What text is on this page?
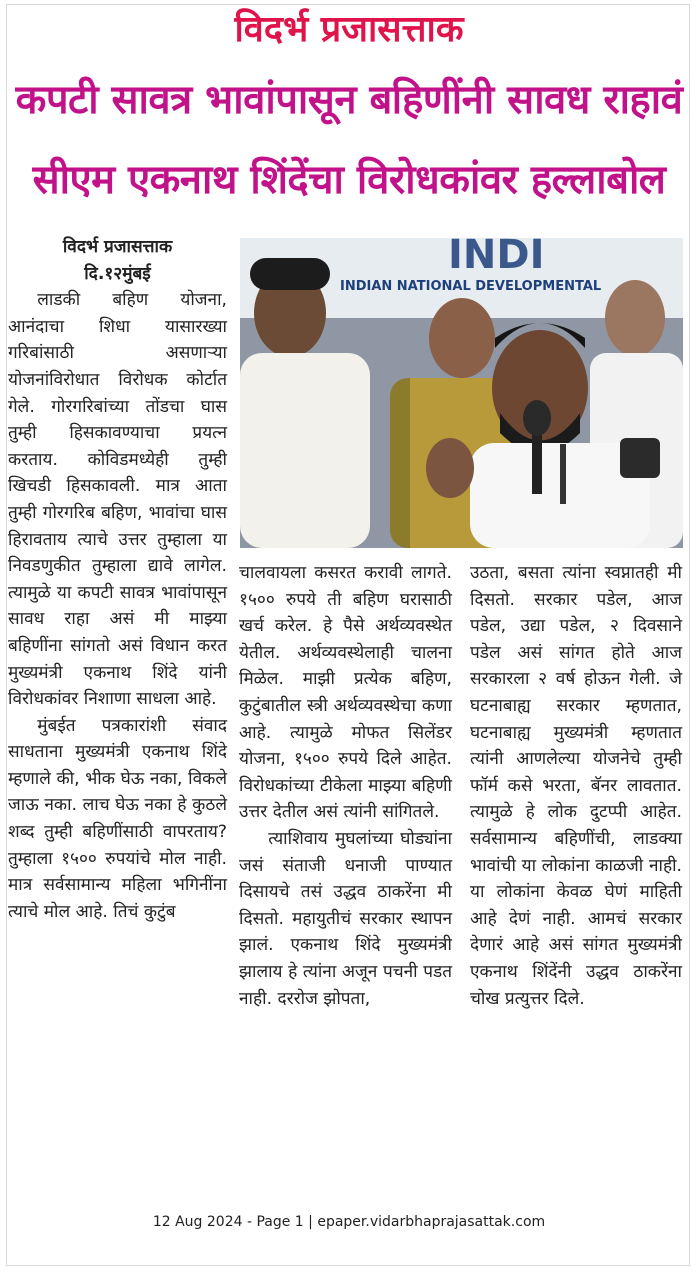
विदर्भ प्रजासत्ताक
कपटी सावत्र भावांपासून बहिणींनी सावध राहावं
सीएम एकनाथ शिंदेंचा विरोधकांवर हल्लाबोल
INDIAN NATIONAL DEVELOPMENTAL
INDI

विदर्भ प्रजासत्ताक

दि.१२मुंबई

लाडकी बहिण योजना, आनंदाचा शिधा यासारख्या गरिबांसाठी असणाऱ्या योजनांविरोधात विरोधक कोर्टात गेले. गोरगरिबांच्या तोंडचा घास तुम्ही हिसकावण्याचा प्रयत्न करताय. कोविडमध्येही तुम्ही खिचडी हिसकावली. मात्र आता तुम्ही गोरगरिब बहिण, भावांचा घास हिरावताय त्याचे उत्तर तुम्हाला या निवडणुकीत तुम्हाला द्यावे लागेल. त्यामुळे या कपटी सावत्र भावांपासून सावध राहा असं मी माझ्या बहिणींना सांगतो असं विधान करत मुख्यमंत्री एकनाथ शिंदे यांनी विरोधकांवर निशाणा साधला आहे.

मुंबईत पत्रकारांशी संवाद साधताना मुख्यमंत्री एकनाथ शिंदे म्हणाले की, भीक घेऊ नका, विकले जाऊ नका. लाच घेऊ नका हे कुठले शब्द तुम्ही बहिणींसाठी वापरताय? तुम्हाला १५०० रुपयांचे मोल नाही. मात्र सर्वसामान्य महिला भगिनींना त्याचे मोल आहे. तिचं कुटुंब

चालवायला कसरत करावी लागते. १५०० रुपये ती बहिण घरासाठी खर्च करेल. हे पैसे अर्थव्यवस्थेत येतील. अर्थव्यवस्थेलाही चालना मिळेल. माझी प्रत्येक बहिण, कुटुंबातील स्त्री अर्थव्यवस्थेचा कणा आहे. त्यामुळे मोफत सिलेंडर योजना, १५०० रुपये दिले आहेत. विरोधकांच्या टीकेला माझ्या बहिणी उत्तर देतील असं त्यांनी सांगितले.

त्याशिवाय मुघलांच्या घोड्यांना जसं संताजी धनाजी पाण्यात दिसायचे तसं उद्धव ठाकरेंना मी दिसतो. महायुतीचं सरकार स्थापन झालं. एकनाथ शिंदे मुख्यमंत्री झालाय हे त्यांना अजून पचनी पडत नाही. दररोज झोपता,

उठता, बसता त्यांना स्वप्नातही मी दिसतो. सरकार पडेल, आज पडेल, उद्या पडेल, २ दिवसाने पडेल असं सांगत होते आज सरकारला २ वर्ष होऊन गेली. जे घटनाबाह्य सरकार म्हणतात, घटनाबाह्य मुख्यमंत्री म्हणतात त्यांनी आणलेल्या योजनेचे तुम्ही फॉर्म कसे भरता, बॅनर लावतात. त्यामुळे हे लोक दुटप्पी आहेत. सर्वसामान्य बहिणींची, लाडक्या भावांची या लोकांना काळजी नाही. या लोकांना केवळ घेणं माहिती आहे देणं नाही. आमचं सरकार देणारं आहे असं सांगत मुख्यमंत्री एकनाथ शिंदेंनी उद्धव ठाकरेंना चोख प्रत्युत्तर दिले.

12 Aug 2024 - Page 1 | epaper.vidarbhaprajasattak.com
